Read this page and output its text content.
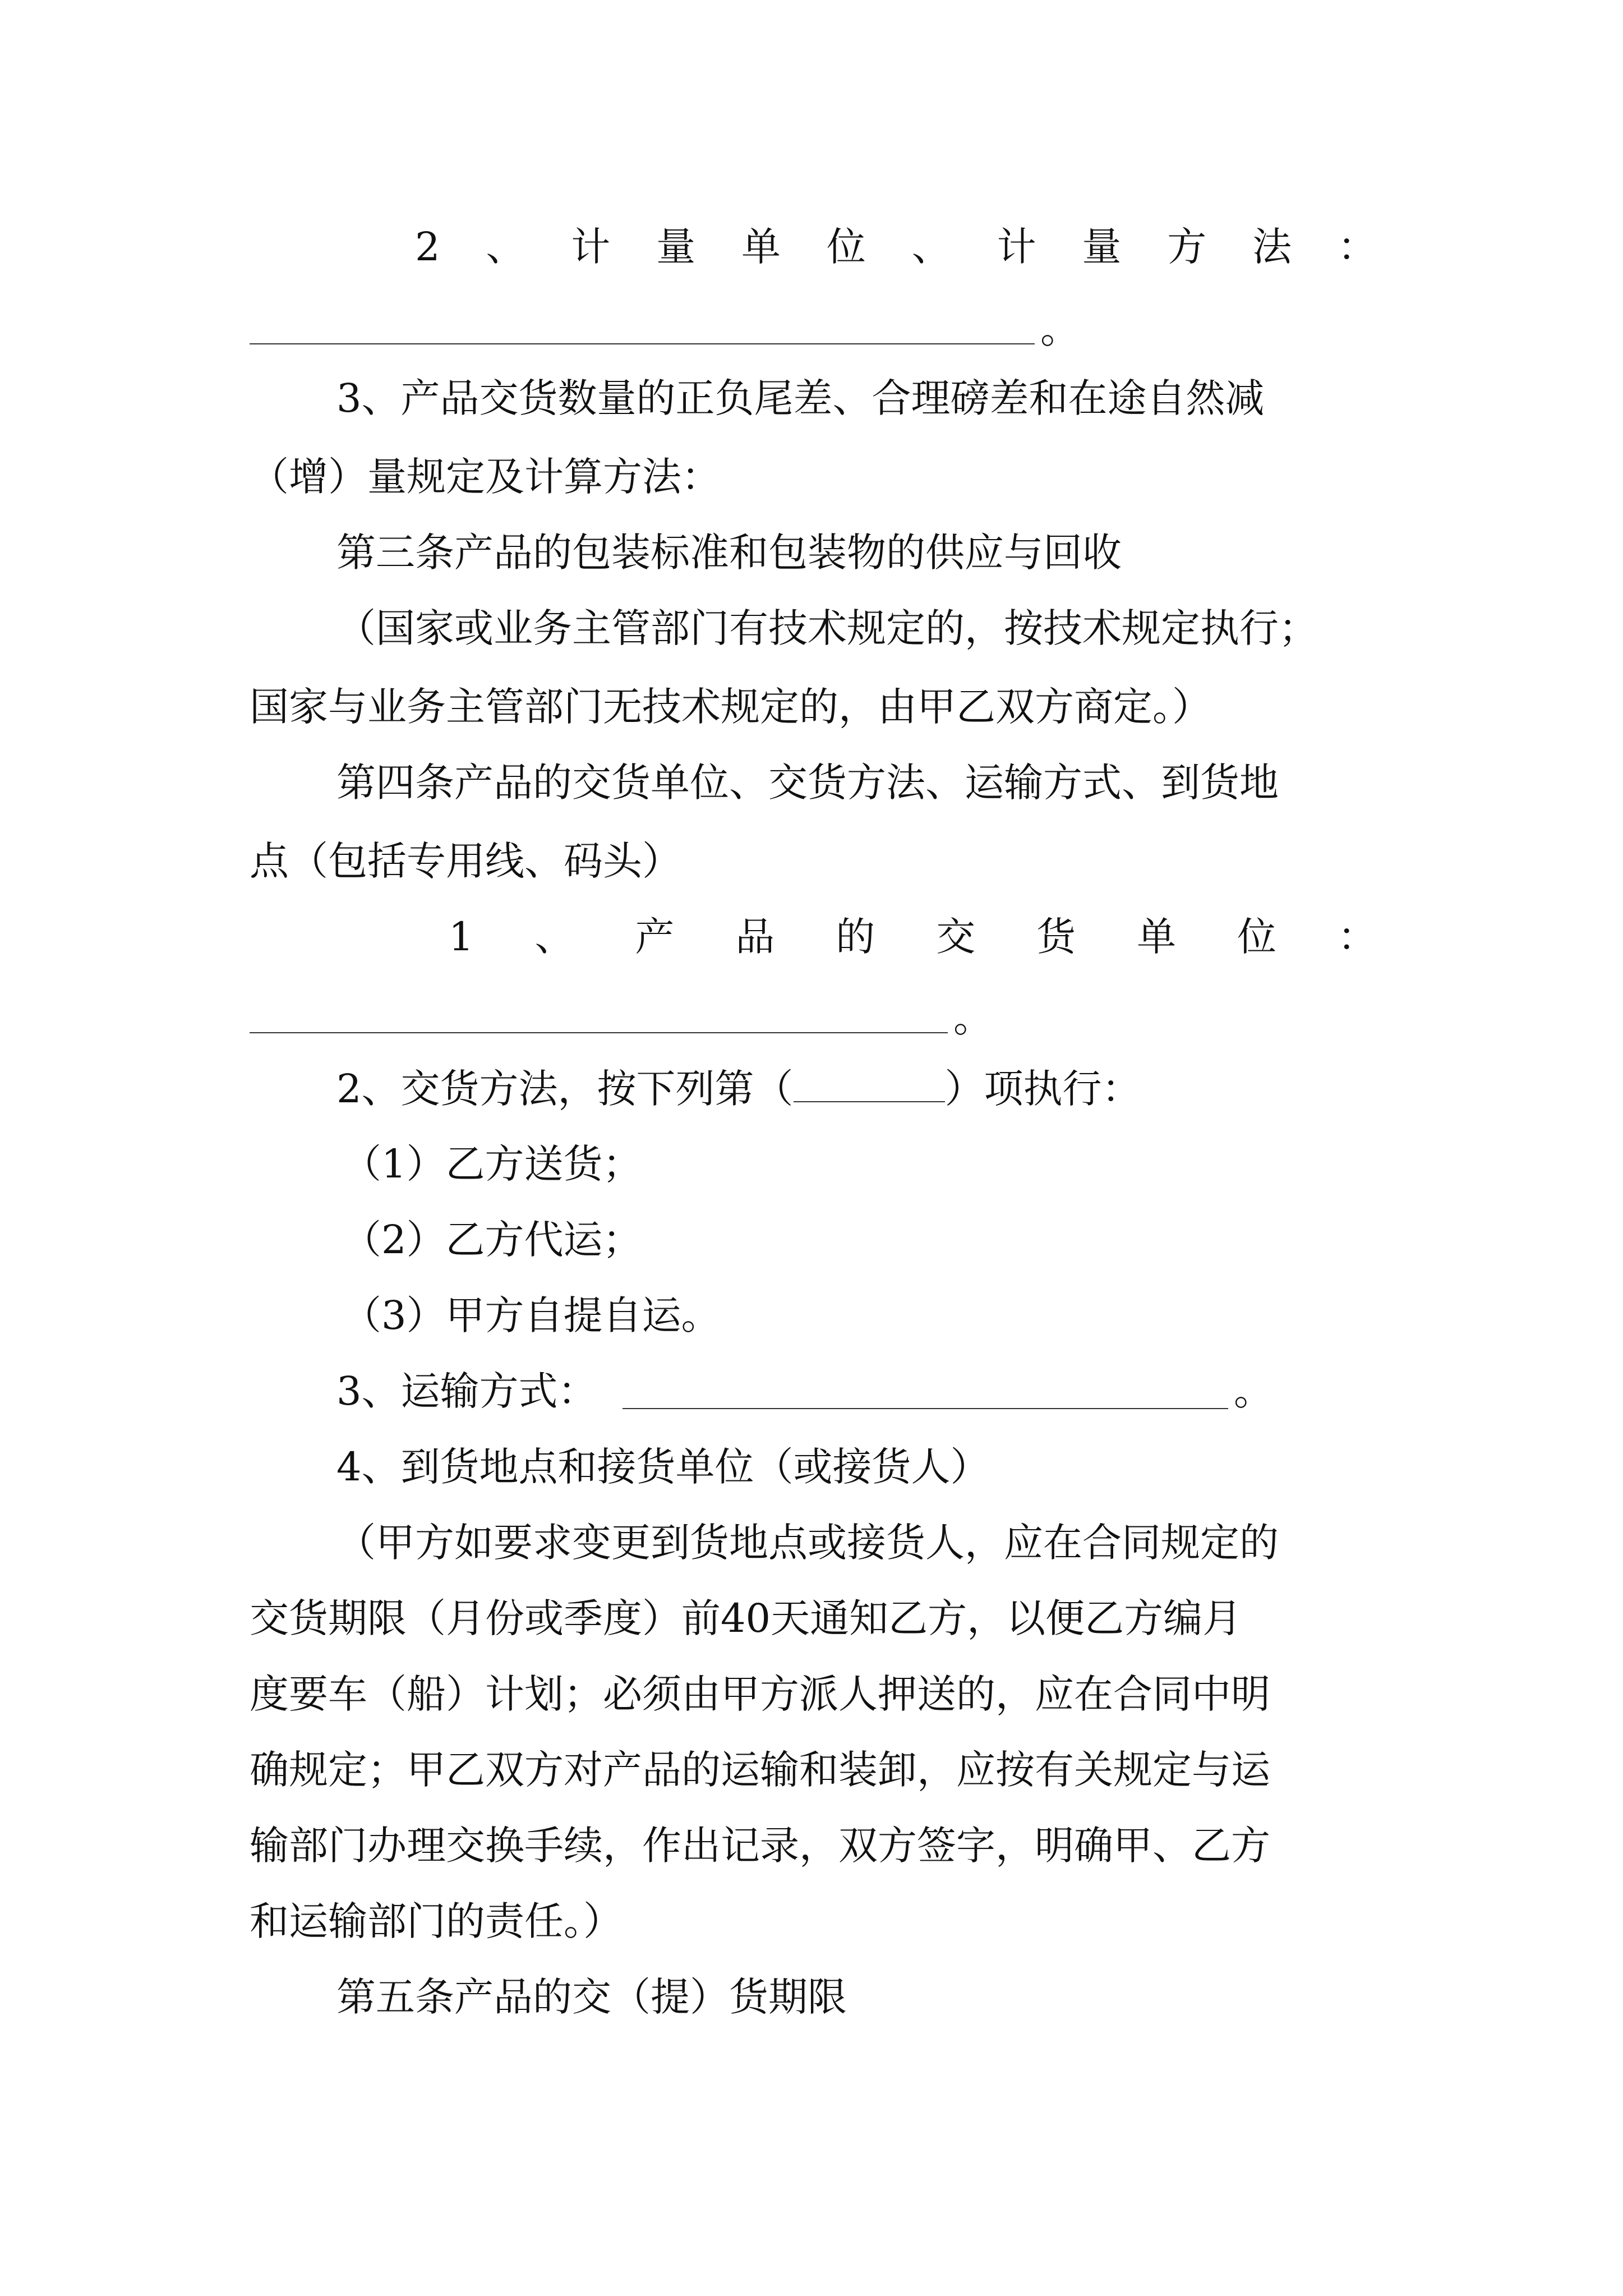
2 、 计 量 单 位 、 计 量 方 法 ：
。
3、产品交货数量的正负尾差、合理磅差和在途自然减
（增）量规定及计算方法：
第三条产品的包装标准和包装物的供应与回收
（国家或业务主管部门有技术规定的，按技术规定执行；
国家与业务主管部门无技术规定的，由甲乙双方商定。）
第四条产品的交货单位、交货方法、运输方式、到货地
点（包括专用线、码头）
1 、 产 品 的 交 货 单 位 ：
。
2、交货方法，按下列第（	）项执行：
（1）乙方送货；
（2）乙方代运；
（3）甲方自提自运。
3、运输方式：	。
4、到货地点和接货单位（或接货人）
（甲方如要求变更到货地点或接货人，应在合同规定的
交货期限（月份或季度）前40天通知乙方，以便乙方编月
度要车（船）计划；必须由甲方派人押送的，应在合同中明
确规定；甲乙双方对产品的运输和装卸，应按有关规定与运
输部门办理交换手续，作出记录，双方签字，明确甲、乙方
和运输部门的责任。）
第五条产品的交（提）货期限
